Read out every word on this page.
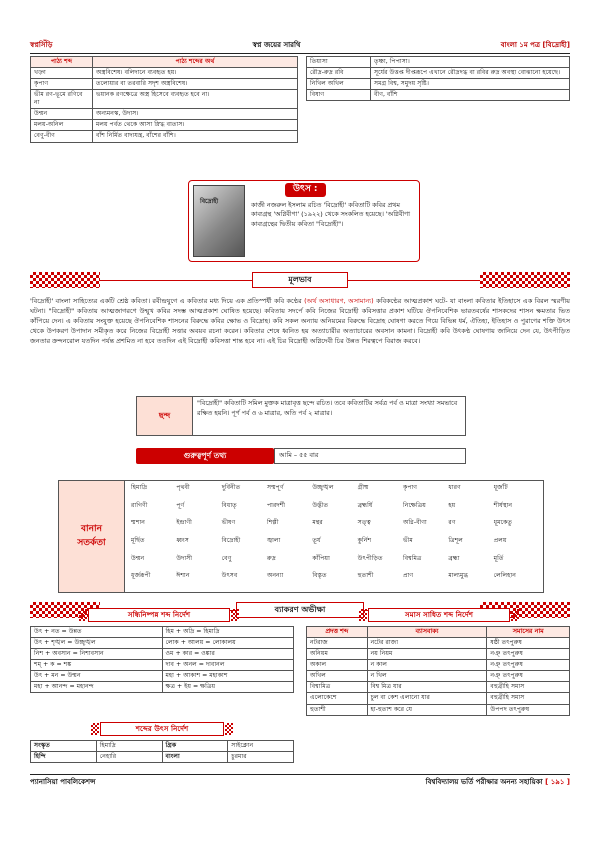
স্বপ্নসিঁড়ি	স্বপ্ন জয়ের সারথি	বাংলা ১ম পত্র [বিদ্রোহী]
পাঠ্য শব্দ	পাঠ্য শব্দের অর্থ
খড়্গ	অস্ত্রবিশেষ। বলিদানে ব্যবহৃত হয়।
কৃপাণ	তলোয়ার বা তরবারি সদৃশ অস্ত্রবিশেষ।
ভীম রণ-ভূমে রণিবে না	ভয়ানক রণক্ষেত্রে অস্ত্র হিসেবে ব্যবহৃত হবে না।
উন্মন	অন্যমনস্ক, উদাস।
মলয়-অনিল	মলয় পর্বত থেকে আসা স্নিগ্ধ বাতাস।
বেণু-বীণ	বাঁশ নির্মিত বাদ্যযন্ত্র, বাঁশের বাঁশি।
তিয়াসা	তৃষ্ণা, পিপাসা।
রৌদ্র-রুদ্র রবি	সূর্যের উত্তপ্ত দীপ্তরূপে এখানে রৌদ্রদগ্ধ বা রবির রুদ্র অবস্থা বোঝানো হয়েছে।
নিখিল অখিল	সমগ্র বিশ্ব, সমুদয় সৃষ্টি।
বিষাণ	বীণ, বাঁশি
বিদ্রোহী
উৎস :
কাজী নজরুল ইসলাম রচিত 'বিদ্রোহী' কবিতাটি কবির প্রথম কাব্যগ্রন্থ 'অগ্নিবীণা' (১৯২২) থেকে সংকলিত হয়েছে। 'অগ্নিবীণা কাব্যগ্রন্থের দ্বিতীয় কবিতা "বিদ্রোহী"।
মূলভাব
'বিদ্রোহী' বাংলা সাহিত্যের একটি শ্রেষ্ঠ কবিতা। রবীন্দ্রযুগে এ কবিতার মধ্য দিয়ে এক প্রতিস্পর্ধী কবি কণ্ঠের (অর্থ অসাধারণ, অসামান্য) কবিকণ্ঠের আত্মপ্রকাশ ঘটে- যা বাংলা কবিতার ইতিহাসে এক বিরল স্মরণীয় ঘটনা। "বিদ্রোহী" কবিতায় আত্মজাগরণে উন্মুখ কবির সদম্ভ আত্মপ্রকাশ ঘোষিত হয়েছে। কবিতায় সদর্পে কবি নিজের বিদ্রোহী কবিসত্তার প্রকাশ ঘটিয়ে ঔপনিবেশিক ভারতবর্ষের শাসকদের শাসন ক্ষমতার ভিত কাঁপিয়ে দেন। এ কবিতায় সংযুক্ত হয়েছে ঔপনিবেশিক শাসনের বিরুদ্ধে কবির ক্ষোভ ও বিদ্রোহ। কবি সকল অন্যায় অনিয়মের বিরুদ্ধে বিদ্রোহ ঘোষণা করতে গিয়ে বিভিন্ন ধর্ম, ঐতিহ্য, ইতিহাস ও পুরাণের শক্তি উৎস থেকে উপকরণ উপাদান সমীকৃত করে নিজের বিদ্রোহী সত্তার অবয়ব রচনা করেন। কবিতার শেষে ধ্বনিত হয় অত্যাচারীর অত্যাচারের অবসান কামনা। বিদ্রোহী কবি উৎকণ্ঠ ঘোষণায় জানিয়ে দেন যে, উৎপীড়িত জনতার ক্রন্দনরোল যতদিন পর্যন্ত প্রশমিত না হবে ততদিন এই বিদ্রোহী কবিসত্তা শান্ত হবে না। এই চির বিদ্রোহী অগ্নিদেবী চির উন্নত শিরত্বপে বিরাজ করবে।
ছন্দ
"বিদ্রোহী" কবিতাটি সমিল মুক্তক মাত্রাবৃত্ত ছন্দে রচিত। তবে কবিতাটির সর্বত্র পর্ব ও মাত্রা সংখ্যা সমভাবে রক্ষিত হয়নি। পূর্ণ পর্ব ও ৬ মাত্রার, অতি পর্ব ২ মাত্রার।
গুরুত্বপূর্ণ তথ্য	আমি – ৫৫ বার
বানান
সতর্কতা
হিমাদ্রি	পৃথবী	দুর্বিনীত	সম্মপূর্ণ	উচ্ছৃঙ্খল	গ্রীষ্ম	কৃপাণ	ধারণ	ধূর্জটি
রাগিণী	পূর্ণ	বিধাতৃ	পারদর্শী	উদ্ভীত	ব্রহ্মর্ষি	নিক্ষেত্রিয়	হয়	শীর্ষস্থান
শ্মশান	ইন্দ্রাণী	ভীষণ	শিল্পী	মন্থর	সত্ত্ব	অগ্নি-বীণা	রণ	ধূমকেতু
মূর্ছিত	ধ্বংস	বিদ্রোহী	জ্বালা	তূর্য	কুর্নিশ	ভীম	ত্রিশূল	প্রলয়
উন্মন	উদাসী	বেণু	রুদ্র	কাঁপিয়া	উৎপীড়িত	বিশ্বমিত্র	ব্রহ্মা	মূর্তি
ধূর্জরূপী	ঈশান	উৎসব	অনন্যা	বিস্তৃত	হুতাশী	প্রাণ	মাল্যমুগ্ধ	লেলিহান
ব্যাকরণ অভীক্ষা
সন্ধিনিষ্পন্ন শব্দ নির্দেশ	সমাস সাধিত শব্দ নির্দেশ
উৎ + নত = উন্নত	হিম + অদ্রি = হিমাদ্রি
উৎ + শৃঙ্খল = উচ্ছৃঙ্খল	লোক + আলয় = লোকালয়
নিশ + অবসান = নিশাবসান	ওম + কার = ওঙ্কার
শম্ + ক = শঙ্ক	দাব + অনল = দাবানল
উৎ + মন = উন্মন	মহা + আকাশ = মহাকাশ
মহা + আনন্দ = মহানন্দ	ক্ষত্র + ইয় = ক্ষত্রিয়
প্রদত্ত শব্দ	ব্যাসবাক্য	সমাসের নাম
নটরাজ	নটের রাজা	ষষ্ঠী তৎপুরুষ
অনিয়ম	নয় নিয়ম	নঞ্ তৎপুরুষ
অকাল	ন কাল	নঞ্ তৎপুরুষ
অখিল	ন খিল	নঞ্ তৎপুরুষ
বিশ্বামিত্র	বিশ্ব মিত্র যার	বহুব্রীহি সমাস
এলোকেশে	চুল বা কেশ এলানো যার	বহুব্রীহি সমাস
হুতাশী	হা-হুতাশ করে যে	উপপদ তৎপুরুষ
শব্দের উৎস নির্দেশ
সংস্কৃত	হিমাদ্রি	গ্রিক	সাইক্লোন
হিন্দি	নেহারি	বাংলা	চুরমার
প্যানাসিয়া পাবলিকেশন্স	বিশ্ববিদ্যালয় ভর্তি পরীক্ষার অনন্য সহায়িকা [ ১৯১ ]
